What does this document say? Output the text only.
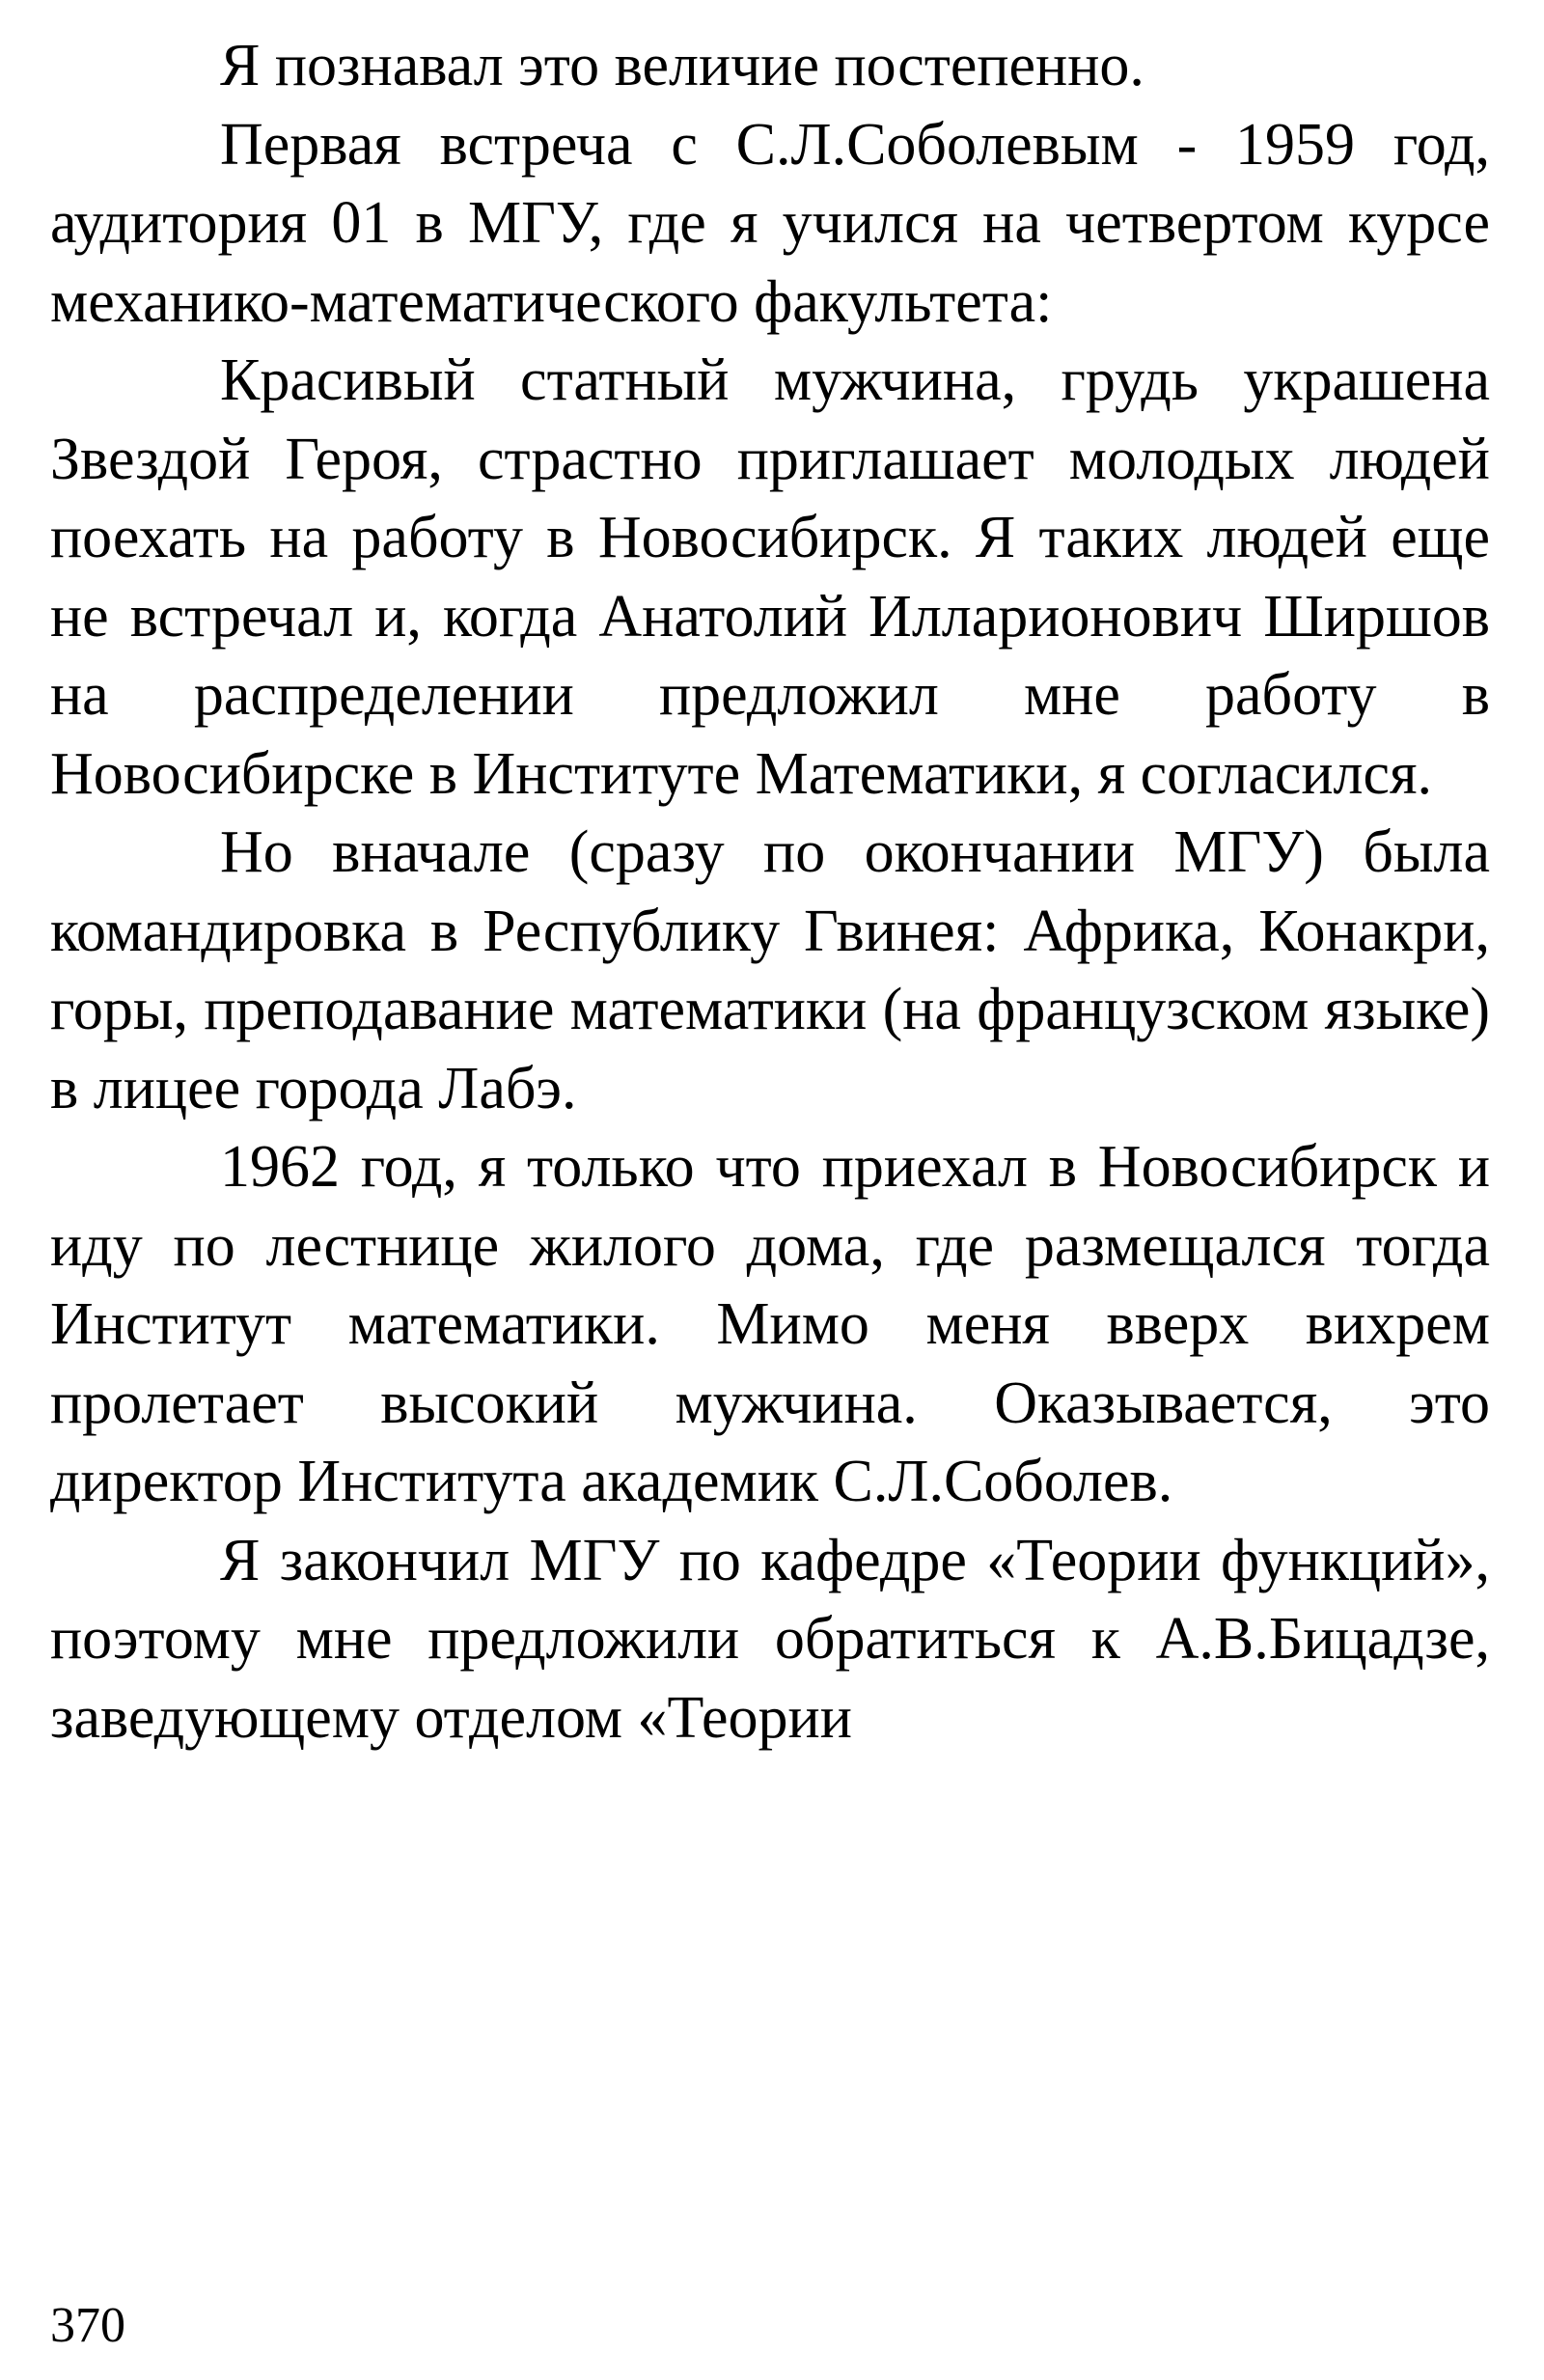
Я познавал это величие постепенно.

Первая встреча с С.Л.Соболевым - 1959 год, аудитория 01 в МГУ, где я учился на четвертом курсе механико-математического факультета:

Красивый статный мужчина, грудь украшена Звездой Героя, страстно приглашает молодых людей поехать на работу в Новосибирск. Я таких людей еще не встречал и, когда Анатолий Илларионович Ширшов на распределении предложил мне работу в Новосибирске в Институте Математики, я согласился.

Но вначале (сразу по окончании МГУ) была командировка в Республику Гвинея: Африка, Конакри, горы, преподавание математики (на французском языке) в лицее города Лабэ.

1962 год, я только что приехал в Новосибирск и иду по лестнице жилого дома, где размещался тогда Институт математики. Мимо меня вверх вихрем пролетает высокий мужчина. Оказывается, это директор Института академик С.Л.Соболев.

Я закончил МГУ по кафедре «Теории функций», поэтому мне предложили обратиться к А.В.Бицадзе, заведующему отделом «Теории

370
